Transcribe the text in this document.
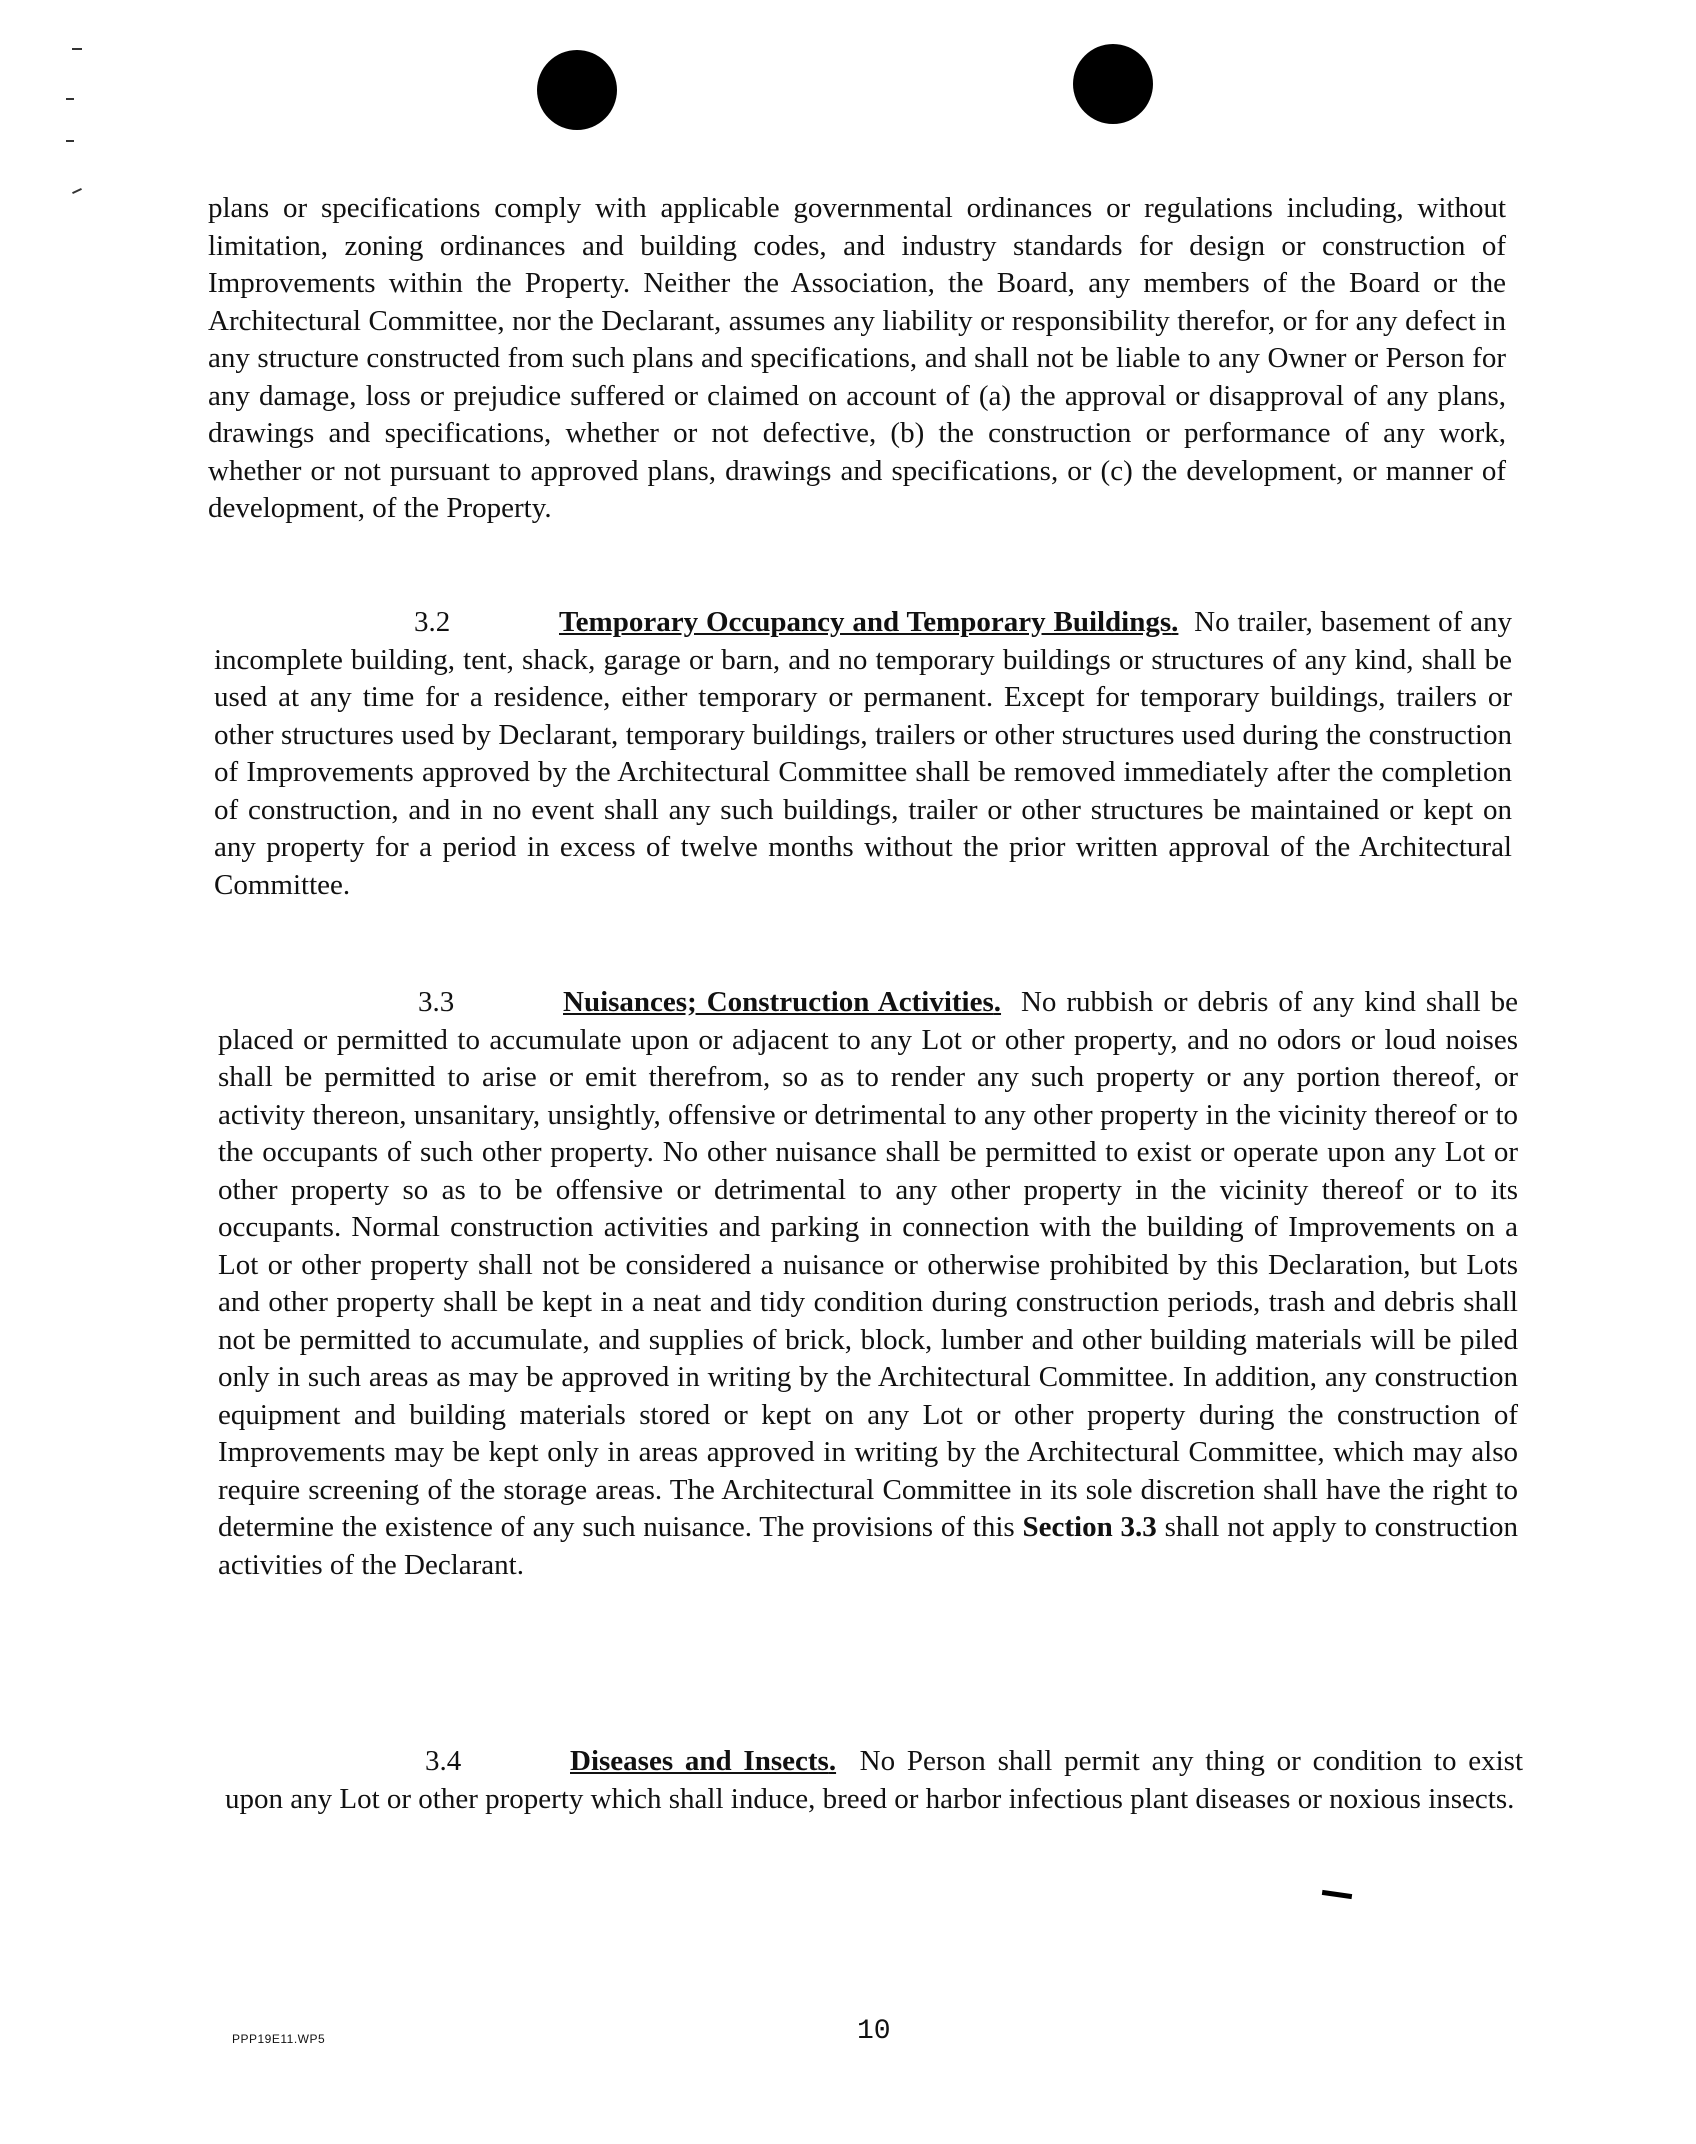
plans or specifications comply with applicable governmental ordinances or regulations including, without limitation, zoning ordinances and building codes, and industry standards for design or construction of Improvements within the Property. Neither the Association, the Board, any members of the Board or the Architectural Committee, nor the Declarant, assumes any liability or responsibility therefor, or for any defect in any structure constructed from such plans and specifications, and shall not be liable to any Owner or Person for any damage, loss or prejudice suffered or claimed on account of (a) the approval or disapproval of any plans, drawings and specifications, whether or not defective, (b) the construction or performance of any work, whether or not pursuant to approved plans, drawings and specifications, or (c) the development, or manner of development, of the Property.

3.2	Temporary Occupancy and Temporary Buildings. No trailer, basement of any incomplete building, tent, shack, garage or barn, and no temporary buildings or structures of any kind, shall be used at any time for a residence, either temporary or permanent. Except for temporary buildings, trailers or other structures used by Declarant, temporary buildings, trailers or other structures used during the construction of Improvements approved by the Architectural Committee shall be removed immediately after the completion of construction, and in no event shall any such buildings, trailer or other structures be maintained or kept on any property for a period in excess of twelve months without the prior written approval of the Architectural Committee.

3.3	Nuisances; Construction Activities. No rubbish or debris of any kind shall be placed or permitted to accumulate upon or adjacent to any Lot or other property, and no odors or loud noises shall be permitted to arise or emit therefrom, so as to render any such property or any portion thereof, or activity thereon, unsanitary, unsightly, offensive or detrimental to any other property in the vicinity thereof or to the occupants of such other property. No other nuisance shall be permitted to exist or operate upon any Lot or other property so as to be offensive or detrimental to any other property in the vicinity thereof or to its occupants. Normal construction activities and parking in connection with the building of Improvements on a Lot or other property shall not be considered a nuisance or otherwise prohibited by this Declaration, but Lots and other property shall be kept in a neat and tidy condition during construction periods, trash and debris shall not be permitted to accumulate, and supplies of brick, block, lumber and other building materials will be piled only in such areas as may be approved in writing by the Architectural Committee. In addition, any construction equipment and building materials stored or kept on any Lot or other property during the construction of Improvements may be kept only in areas approved in writing by the Architectural Committee, which may also require screening of the storage areas. The Architectural Committee in its sole discretion shall have the right to determine the existence of any such nuisance. The provisions of this Section 3.3 shall not apply to construction activities of the Declarant.

3.4	Diseases and Insects. No Person shall permit any thing or condition to exist upon any Lot or other property which shall induce, breed or harbor infectious plant diseases or noxious insects.

10
PPP19E11.WP5
